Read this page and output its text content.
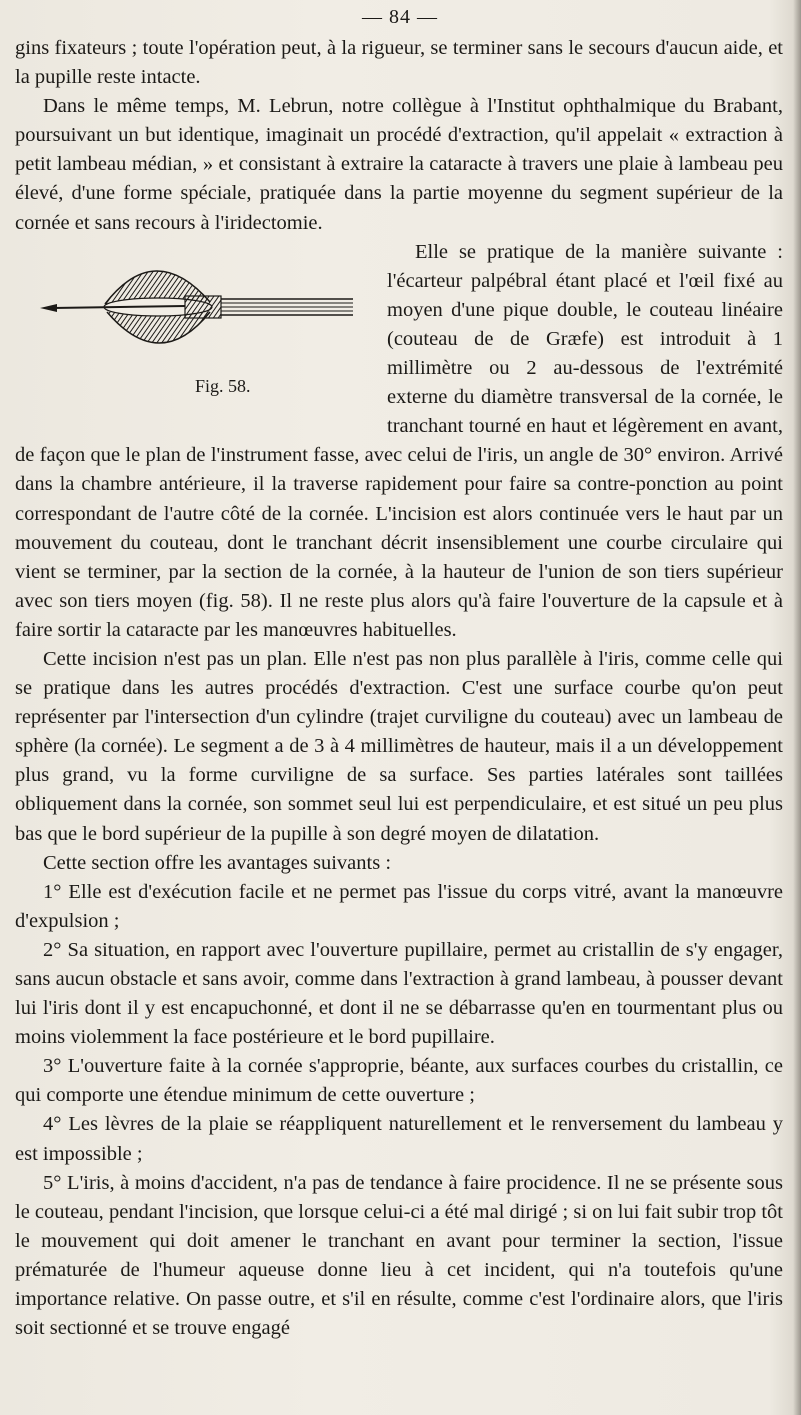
— 84 —

gins fixateurs ; toute l'opération peut, à la rigueur, se terminer sans le secours d'aucun aide, et la pupille reste intacte.

Dans le même temps, M. Lebrun, notre collègue à l'Institut ophthalmique du Brabant, poursuivant un but identique, imaginait un procédé d'extraction, qu'il appelait « extraction à petit lambeau médian, » et consistant à extraire la cataracte à travers une plaie à lambeau peu élevé, d'une forme spéciale, pratiquée dans la partie moyenne du segment supérieur de la cornée et sans recours à l'iridectomie.

Fig. 58.
Elle se pratique de la manière suivante : l'écarteur palpébral étant placé et l'œil fixé au moyen d'une pique double, le couteau linéaire (couteau de de Græfe) est introduit à 1 millimètre ou 2 au-dessous de l'extrémité externe du diamètre transversal de la cornée, le tranchant tourné en haut et légèrement en avant, de façon que le plan de l'instrument fasse, avec celui de l'iris, un angle de 30° environ. Arrivé dans la chambre antérieure, il la traverse rapidement pour faire sa contre-ponction au point correspondant de l'autre côté de la cornée. L'incision est alors continuée vers le haut par un mouvement du couteau, dont le tranchant décrit insensiblement une courbe circulaire qui vient se terminer, par la section de la cornée, à la hauteur de l'union de son tiers supérieur avec son tiers moyen (fig. 58). Il ne reste plus alors qu'à faire l'ouverture de la capsule et à faire sortir la cataracte par les manœuvres habituelles.

Cette incision n'est pas un plan. Elle n'est pas non plus parallèle à l'iris, comme celle qui se pratique dans les autres procédés d'extraction. C'est une surface courbe qu'on peut représenter par l'intersection d'un cylindre (trajet curviligne du couteau) avec un lambeau de sphère (la cornée). Le segment a de 3 à 4 millimètres de hauteur, mais il a un développement plus grand, vu la forme curviligne de sa surface. Ses parties latérales sont taillées obliquement dans la cornée, son sommet seul lui est perpendiculaire, et est situé un peu plus bas que le bord supérieur de la pupille à son degré moyen de dilatation.

Cette section offre les avantages suivants :

1° Elle est d'exécution facile et ne permet pas l'issue du corps vitré, avant la manœuvre d'expulsion ;

2° Sa situation, en rapport avec l'ouverture pupillaire, permet au cristallin de s'y engager, sans aucun obstacle et sans avoir, comme dans l'extraction à grand lambeau, à pousser devant lui l'iris dont il y est encapuchonné, et dont il ne se débarrasse qu'en en tourmentant plus ou moins violemment la face postérieure et le bord pupillaire.

3° L'ouverture faite à la cornée s'approprie, béante, aux surfaces courbes du cristallin, ce qui comporte une étendue minimum de cette ouverture ;

4° Les lèvres de la plaie se réappliquent naturellement et le renversement du lambeau y est impossible ;

5° L'iris, à moins d'accident, n'a pas de tendance à faire procidence. Il ne se présente sous le couteau, pendant l'incision, que lorsque celui-ci a été mal dirigé ; si on lui fait subir trop tôt le mouvement qui doit amener le tranchant en avant pour terminer la section, l'issue prématurée de l'humeur aqueuse donne lieu à cet incident, qui n'a toutefois qu'une importance relative. On passe outre, et s'il en résulte, comme c'est l'ordinaire alors, que l'iris soit sectionné et se trouve engagé
